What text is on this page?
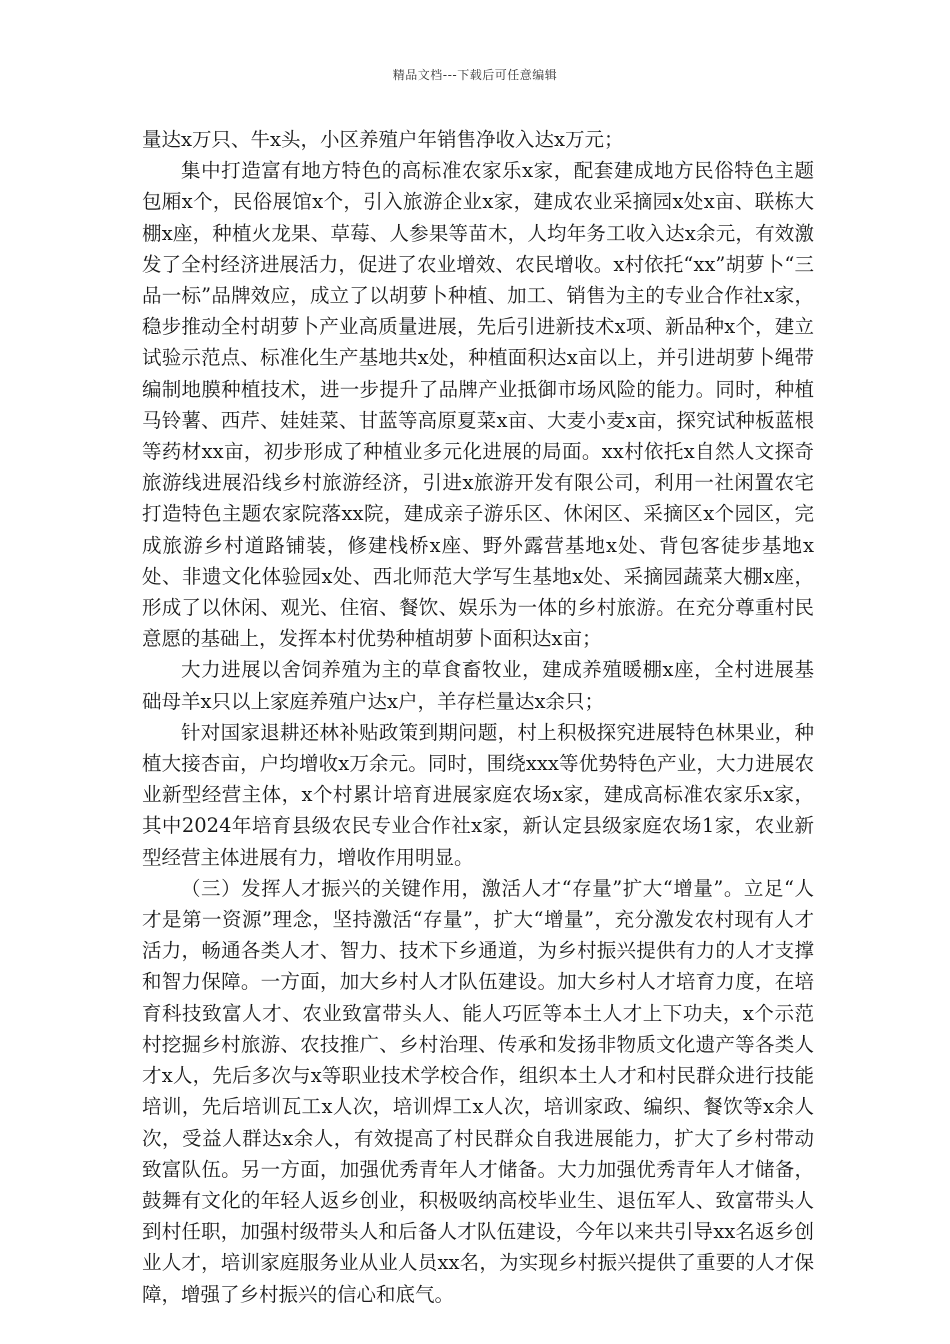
精品文档---下载后可任意编辑

量达x万只、牛x头，小区养殖户年销售净收入达x万元；

集中打造富有地方特色的高标准农家乐x家，配套建成地方民俗特色主题包厢x个，民俗展馆x个，引入旅游企业x家，建成农业采摘园x处x亩、联栋大棚x座，种植火龙果、草莓、人参果等苗木，人均年务工收入达x余元，有效激发了全村经济进展活力，促进了农业增效、农民增收。x村依托“xx”胡萝卜“三品一标”品牌效应，成立了以胡萝卜种植、加工、销售为主的专业合作社x家，稳步推动全村胡萝卜产业高质量进展，先后引进新技术x项、新品种x个，建立试验示范点、标准化生产基地共x处，种植面积达x亩以上，并引进胡萝卜绳带编制地膜种植技术，进一步提升了品牌产业抵御市场风险的能力。同时，种植马铃薯、西芹、娃娃菜、甘蓝等高原夏菜x亩、大麦小麦x亩，探究试种板蓝根等药材xx亩，初步形成了种植业多元化进展的局面。xx村依托x自然人文探奇旅游线进展沿线乡村旅游经济，引进x旅游开发有限公司，利用一社闲置农宅打造特色主题农家院落xx院，建成亲子游乐区、休闲区、采摘区x个园区，完成旅游乡村道路铺装，修建栈桥x座、野外露营基地x处、背包客徒步基地x处、非遗文化体验园x处、西北师范大学写生基地x处、采摘园蔬菜大棚x座，形成了以休闲、观光、住宿、餐饮、娱乐为一体的乡村旅游。在充分尊重村民意愿的基础上，发挥本村优势种植胡萝卜面积达x亩；

大力进展以舍饲养殖为主的草食畜牧业，建成养殖暖棚x座，全村进展基础母羊x只以上家庭养殖户达x户，羊存栏量达x余只；

针对国家退耕还林补贴政策到期问题，村上积极探究进展特色林果业，种植大接杏亩，户均增收x万余元。同时，围绕xxx等优势特色产业，大力进展农业新型经营主体，x个村累计培育进展家庭农场x家，建成高标准农家乐x家，其中2024年培育县级农民专业合作社x家，新认定县级家庭农场1家，农业新型经营主体进展有力，增收作用明显。

（三）发挥人才振兴的关键作用，激活人才“存量”扩大“增量”。立足“人才是第一资源”理念，坚持激活“存量”，扩大“增量”，充分激发农村现有人才活力，畅通各类人才、智力、技术下乡通道，为乡村振兴提供有力的人才支撑和智力保障。一方面，加大乡村人才队伍建设。加大乡村人才培育力度，在培育科技致富人才、农业致富带头人、能人巧匠等本土人才上下功夫，x个示范村挖掘乡村旅游、农技推广、乡村治理、传承和发扬非物质文化遗产等各类人才x人，先后多次与x等职业技术学校合作，组织本土人才和村民群众进行技能培训，先后培训瓦工x人次，培训焊工x人次，培训家政、编织、餐饮等x余人次，受益人群达x余人，有效提高了村民群众自我进展能力，扩大了乡村带动致富队伍。另一方面，加强优秀青年人才储备。大力加强优秀青年人才储备，鼓舞有文化的年轻人返乡创业，积极吸纳高校毕业生、退伍军人、致富带头人到村任职，加强村级带头人和后备人才队伍建设，今年以来共引导xx名返乡创业人才，培训家庭服务业从业人员xx名，为实现乡村振兴提供了重要的人才保障，增强了乡村振兴的信心和底气。
